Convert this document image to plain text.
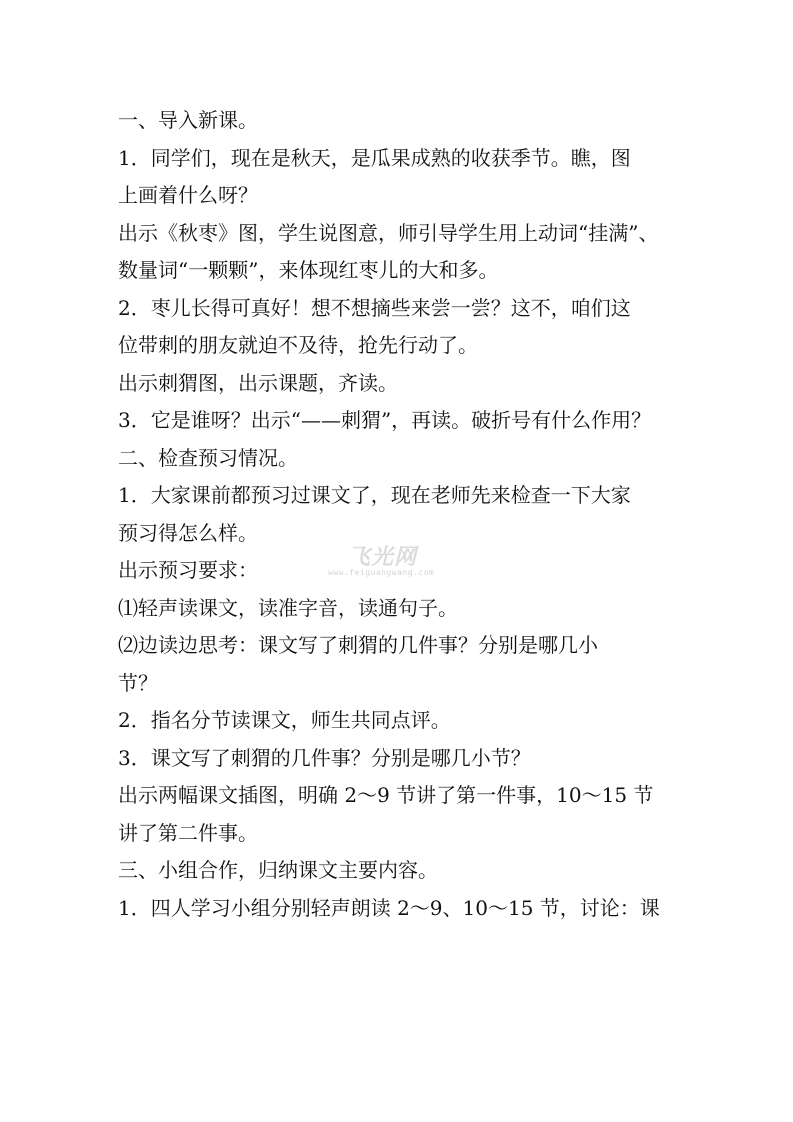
一、导入新课。
1．同学们，现在是秋天，是瓜果成熟的收获季节。瞧，图
上画着什么呀？
出示《秋枣》图，学生说图意，师引导学生用上动词“挂满”、
数量词“一颗颗”，来体现红枣儿的大和多。
2．枣儿长得可真好！想不想摘些来尝一尝？这不，咱们这
位带刺的朋友就迫不及待，抢先行动了。
出示刺猬图，出示课题，齐读。
3．它是谁呀？出示“——刺猬”，再读。破折号有什么作用？
二、检查预习情况。
1．大家课前都预习过课文了，现在老师先来检查一下大家
预习得怎么样。
出示预习要求：
⑴轻声读课文，读准字音，读通句子。
⑵边读边思考：课文写了刺猬的几件事？分别是哪几小
节？
2．指名分节读课文，师生共同点评。
3．课文写了刺猬的几件事？分别是哪几小节？
出示两幅课文插图，明确 2～9 节讲了第一件事，10～15 节
讲了第二件事。
三、小组合作，归纳课文主要内容。
1．四人学习小组分别轻声朗读 2～9、10～15 节，讨论：课
飞光网
www.feiguangwang.com
